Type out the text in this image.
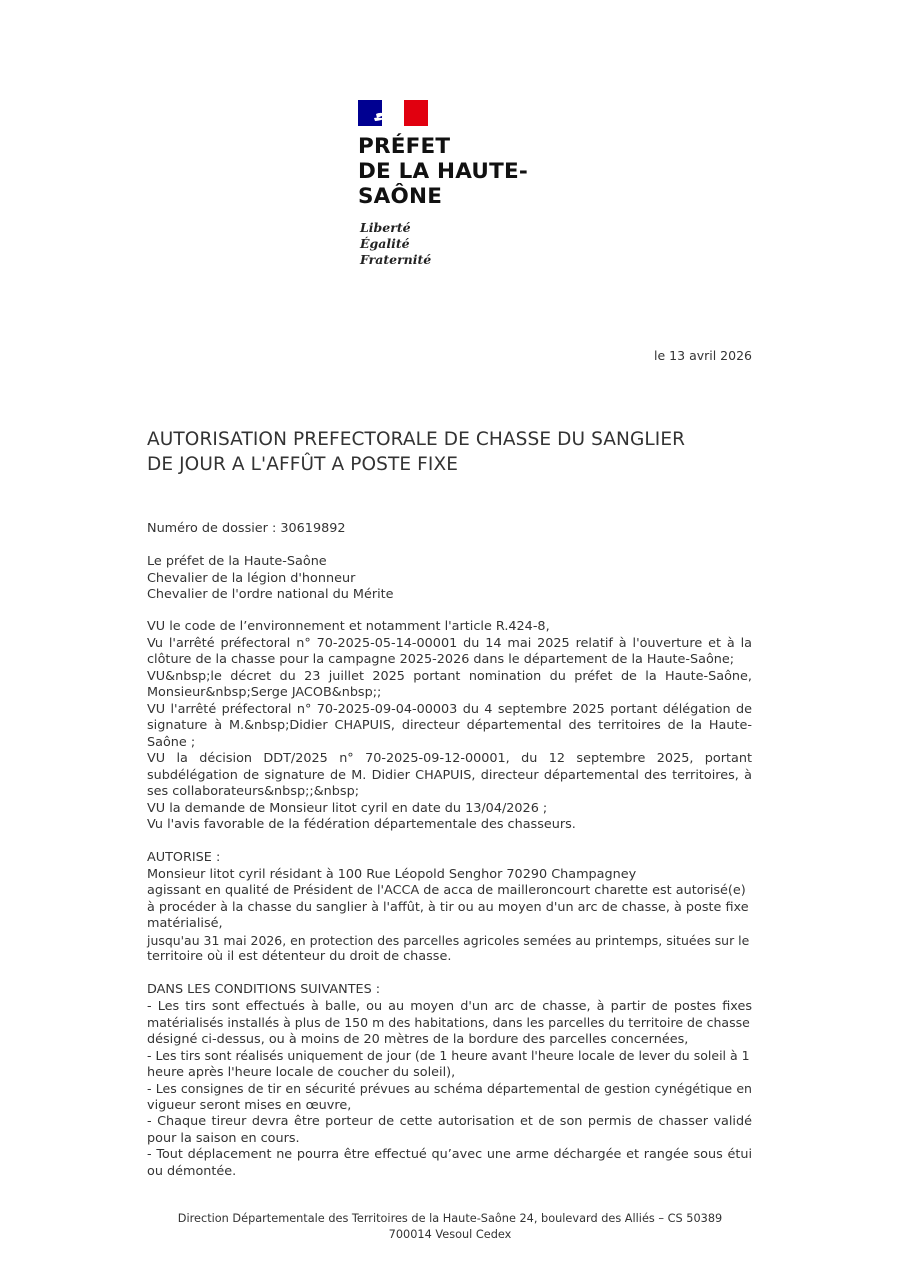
PRÉFET
DE LA HAUTE-
SAÔNE
Liberté
Égalité
Fraternité
le 13 avril 2026
AUTORISATION PREFECTORALE DE CHASSE DU SANGLIER
DE JOUR A L'AFFÛT A POSTE FIXE
Numéro de dossier : 30619892
Le préfet de la Haute-Saône
Chevalier de la légion d'honneur
Chevalier de l'ordre national du Mérite
VU le code de l’environnement et notamment l'article R.424-8,
Vu l'arrêté préfectoral n° 70-2025-05-14-00001 du 14 mai 2025 relatif à l'ouverture et à la
clôture de la chasse pour la campagne 2025-2026 dans le département de la Haute-Saône;
VU&nbsp;le décret du 23 juillet 2025 portant nomination du préfet de la Haute-Saône,
Monsieur&nbsp;Serge JACOB&nbsp;;
VU l'arrêté préfectoral n° 70-2025-09-04-00003 du 4 septembre 2025 portant délégation de
signature à M.&nbsp;Didier CHAPUIS, directeur départemental des territoires de la Haute-
Saône ;
VU la décision DDT/2025 n° 70-2025-09-12-00001, du 12 septembre 2025, portant
subdélégation de signature de M. Didier CHAPUIS, directeur départemental des territoires, à
ses collaborateurs&nbsp;;&nbsp;
VU la demande de Monsieur litot cyril en date du 13/04/2026 ;
Vu l'avis favorable de la fédération départementale des chasseurs.
AUTORISE :
Monsieur litot cyril résidant à 100 Rue Léopold Senghor 70290 Champagney
agissant en qualité de Président de l'ACCA de acca de mailleroncourt charette est autorisé(e)
à procéder à la chasse du sanglier à l'affût, à tir ou au moyen d'un arc de chasse, à poste fixe
matérialisé,
jusqu'au 31 mai 2026, en protection des parcelles agricoles semées au printemps, situées sur le
territoire où il est détenteur du droit de chasse.
DANS LES CONDITIONS SUIVANTES :
- Les tirs sont effectués à balle, ou au moyen d'un arc de chasse, à partir de postes fixes
matérialisés installés à plus de 150 m des habitations, dans les parcelles du territoire de chasse
désigné ci-dessus, ou à moins de 20 mètres de la bordure des parcelles concernées,
- Les tirs sont réalisés uniquement de jour (de 1 heure avant l'heure locale de lever du soleil à 1
heure après l'heure locale de coucher du soleil),
- Les consignes de tir en sécurité prévues au schéma départemental de gestion cynégétique en
vigueur seront mises en œuvre,
- Chaque tireur devra être porteur de cette autorisation et de son permis de chasser validé
pour la saison en cours.
- Tout déplacement ne pourra être effectué qu’avec une arme déchargée et rangée sous étui
ou démontée.
Direction Départementale des Territoires de la Haute-Saône 24, boulevard des Alliés – CS 50389
700014 Vesoul Cedex
